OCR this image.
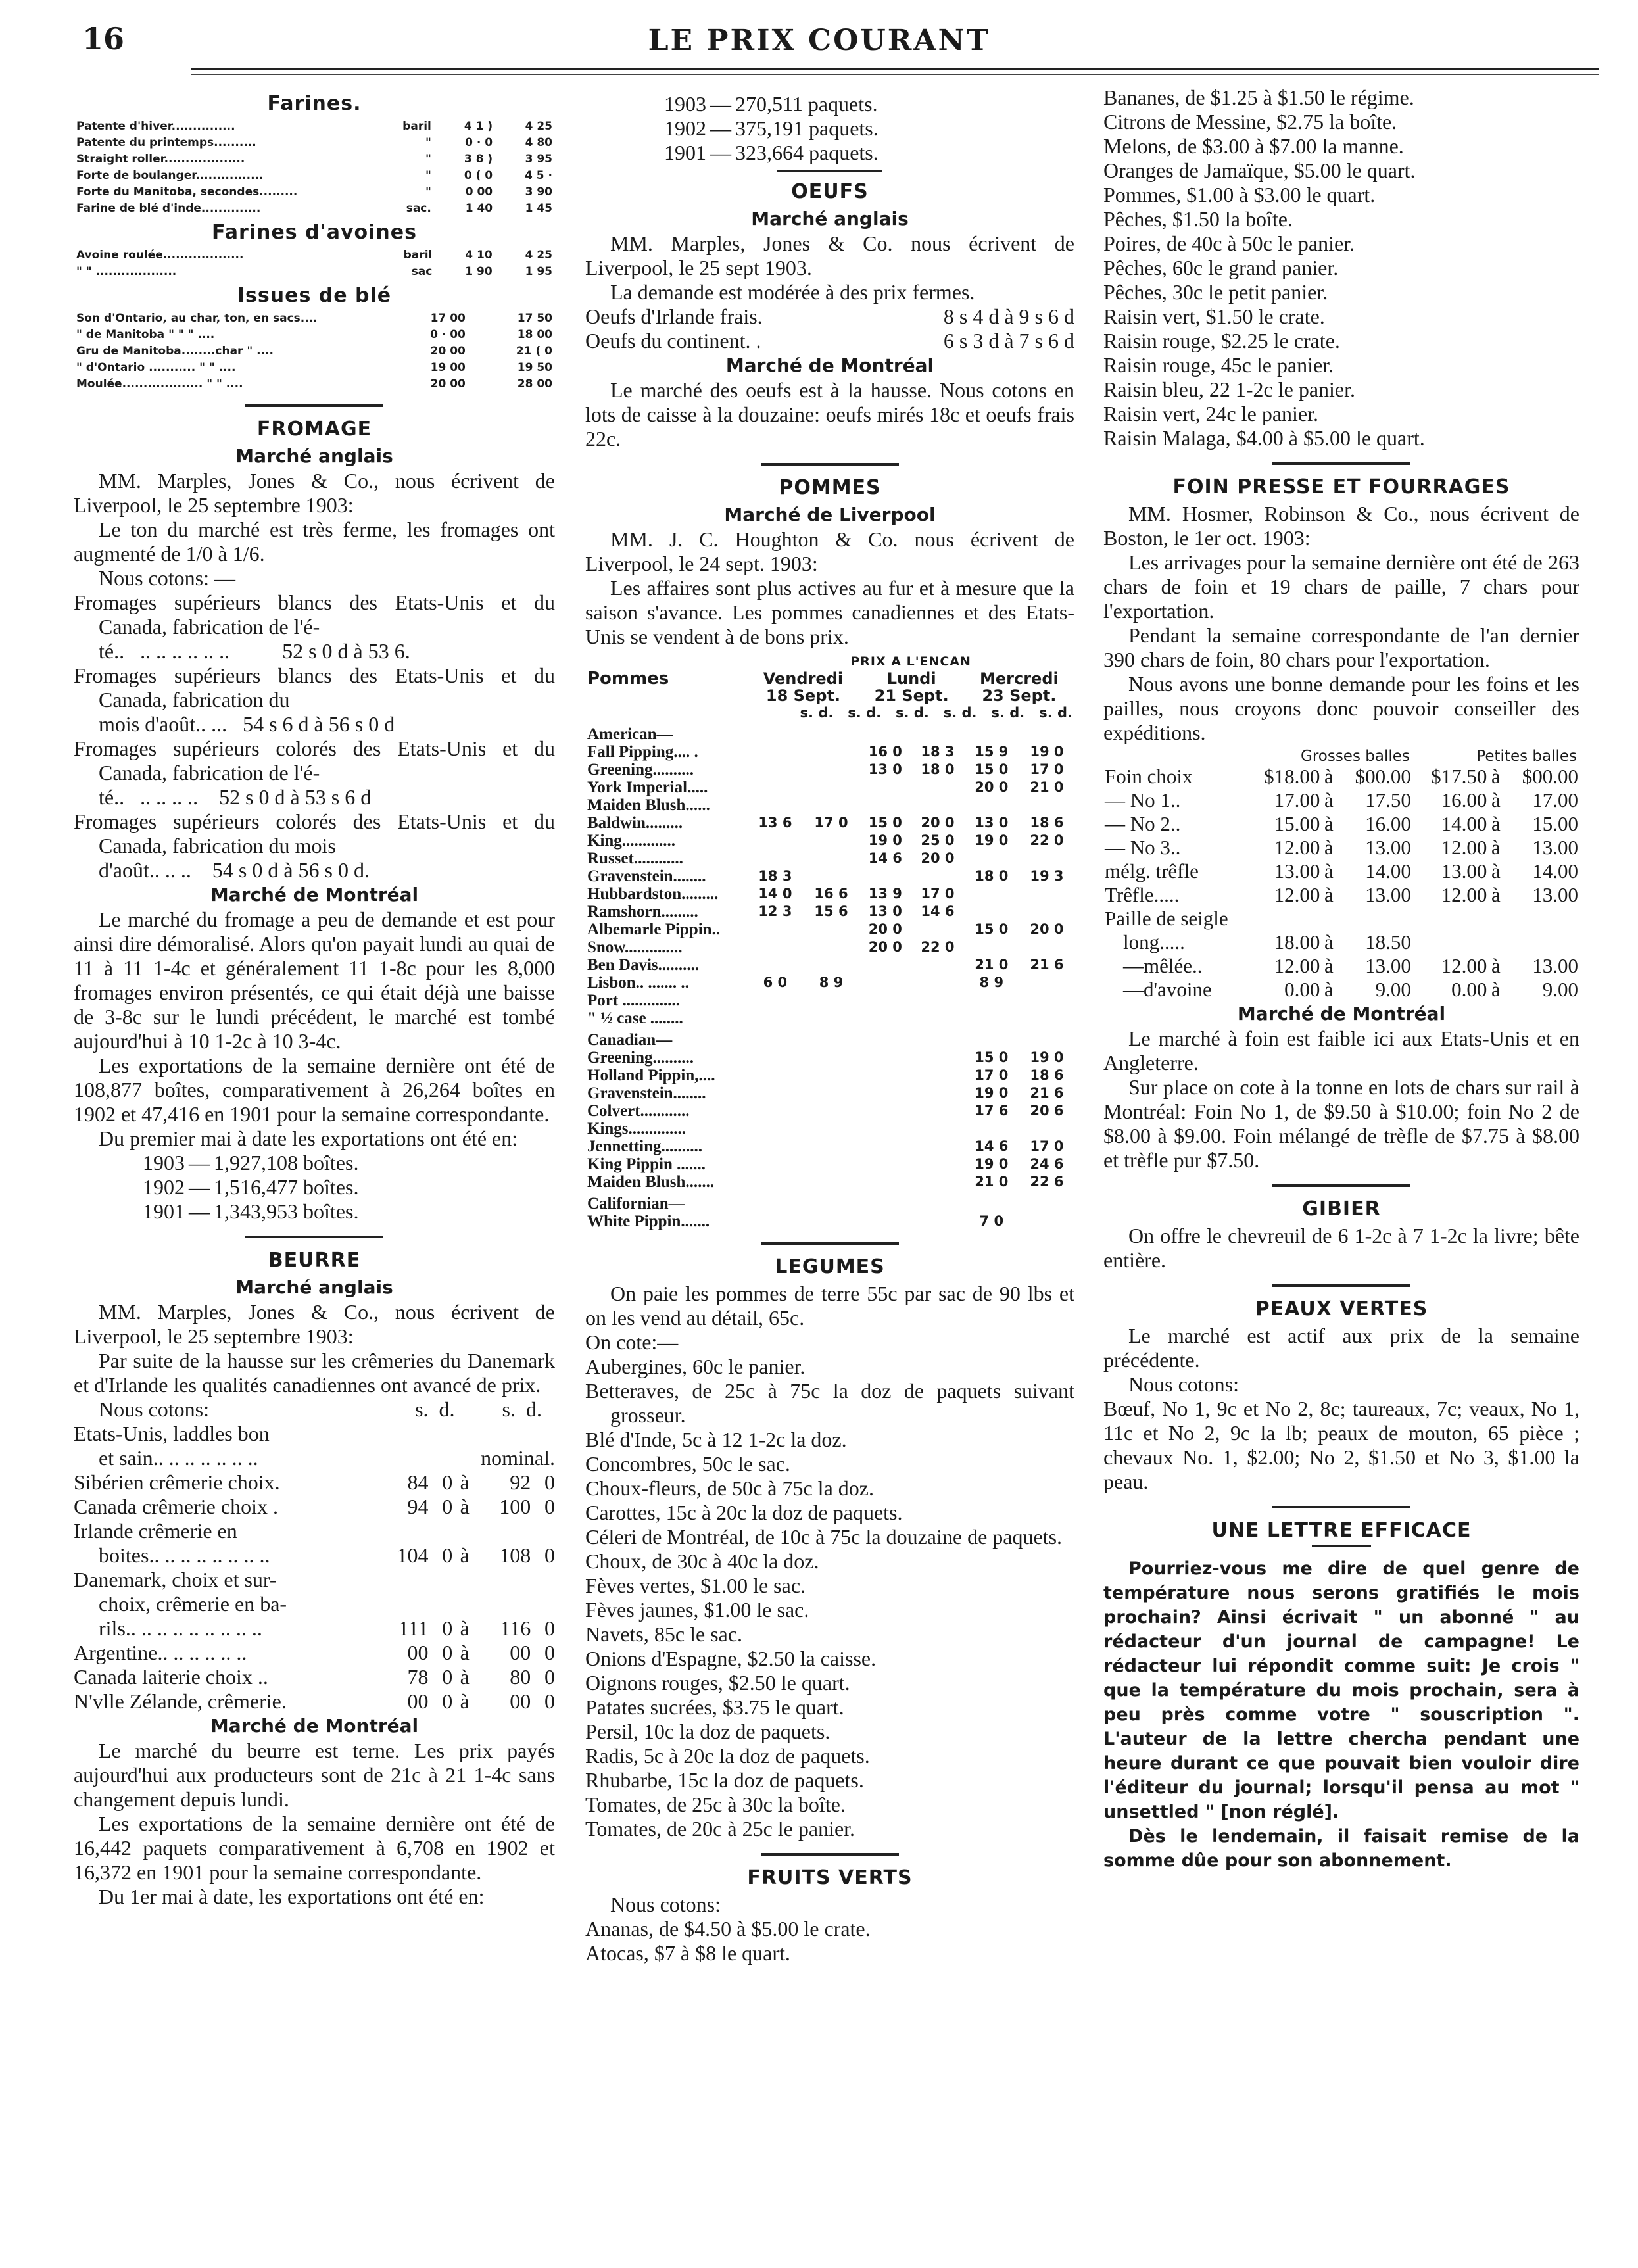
16	LE PRIX COURANT
Farines.
Patente d'hiver...............	baril	4 1 )	4 25
Patente du printemps..........	"	0 · 0	4 80
Straight roller...................	"	3 8 )	3 95
Forte de boulanger................	"	0 ( 0	4 5 ·
Forte du Manitoba, secondes.........	"	0 00	3 90
Farine de blé d'inde..............	sac.	1 40	1 45
Farines d'avoines
Avoine roulée...................	baril	4 10	4 25
" " ...................	sac	1 90	1 95
Issues de blé
Son d'Ontario, au char, ton, en sacs....		17 00	17 50
" de Manitoba " " " ....		0 · 00	18 00
Gru de Manitoba........char " ....		20 00	21 ( 0
" d'Ontario ........... " " ....		19 00	19 50
Moulée................... " " ....		20 00	28 00
FROMAGE
Marché anglais

MM. Marples, Jones & Co., nous écrivent de Liverpool, le 25 septembre 1903:

Le ton du marché est très ferme, les fromages ont augmenté de 1/0 à 1/6.

Nous cotons: —

Fromages supérieurs blancs des Etats-Unis et du Canada, fabrication de l'é-
té..   .. .. .. .. .. ..          52 s 0 d à 53 6.
Fromages supérieurs blancs des Etats-Unis et du Canada, fabrication du
mois d'août.. ...   54 s 6 d à 56 s 0 d
Fromages supérieurs colorés des Etats-Unis et du Canada, fabrication de l'é-
té..   .. .. .. ..    52 s 0 d à 53 s 6 d
Fromages supérieurs colorés des Etats-Unis et du Canada, fabrication du mois
d'août.. .. ..    54 s 0 d à 56 s 0 d.
Marché de Montréal

Le marché du fromage a peu de demande et est pour ainsi dire démoralisé. Alors qu'on payait lundi au quai de 11 à 11 1-4c et généralement 11 1-8c pour les 8,000 fromages environ présentés, ce qui était déjà une baisse de 3-8c sur le lundi précédent, le marché est tombé aujourd'hui à 10 1-2c à 10 3-4c.

Les exportations de la semaine dernière ont été de 108,877 boîtes, comparativement à 26,264 boîtes en 1902 et 47,416 en 1901 pour la semaine correspondante.

Du premier mai à date les exportations ont été en:

1903	—	1,927,108 boîtes.
1902	—	1,516,477 boîtes.
1901	—	1,343,953 boîtes.
BEURRE
Marché anglais

MM. Marples, Jones & Co., nous écrivent de Liverpool, le 25 septembre 1903:

Par suite de la hausse sur les crêmeries du Danemark et d'Irlande les qualités canadiennes ont avancé de prix.

Nous cotons:	s.  d.         s.  d.
Etats-Unis, laddles bon
et sain.. .. .. .. .. .. ..	nominal.
Sibérien crêmerie choix.	84	0	à	92	0
Canada crêmerie choix .	94	0	à	100	0
Irlande crêmerie en					
boites.. .. .. .. .. .. .. ..	104	0	à	108	0
Danemark, choix et sur-					
choix, crêmerie en ba-					
rils.. .. .. .. .. .. .. .. ..	111	0	à	116	0
Argentine.. .. .. .. .. ..	00	0	à	00	0
Canada laiterie choix ..	78	0	à	80	0
N'vlle Zélande, crêmerie.	00	0	à	00	0
Marché de Montréal

Le marché du beurre est terne. Les prix payés aujourd'hui aux producteurs sont de 21c à 21 1-4c sans changement depuis lundi.

Les exportations de la semaine dernière ont été de 16,442 paquets comparativement à 6,708 en 1902 et 16,372 en 1901 pour la semaine correspondante.

Du 1er mai à date, les exportations ont été en:

1903	—	270,511 paquets.
1902	—	375,191 paquets.
1901	—	323,664 paquets.
OEUFS
Marché anglais

MM. Marples, Jones & Co. nous écrivent de Liverpool, le 25 sept 1903.

La demande est modérée à des prix fermes.

Oeufs d'Irlande frais.	8 s 4 d à 9 s 6 d
Oeufs du continent. .	6 s 3 d à 7 s 6 d
Marché de Montréal

Le marché des oeufs est à la hausse. Nous cotons en lots de caisse à la douzaine: oeufs mirés 18c et oeufs frais 22c.

POMMES
Marché de Liverpool

MM. J. C. Houghton & Co. nous écrivent de Liverpool, le 24 sept. 1903:

Les affaires sont plus actives au fur et à mesure que la saison s'avance. Les pommes canadiennes et des Etats-Unis se vendent à de bons prix.

	PRIX A L'ENCAN					
Pommes	Vendredi		Lundi		Mercredi	
	18 Sept.		21 Sept.		23 Sept.	
	s. d.   s. d.   s. d.   s. d.   s. d.   s. d.					
American—						
Fall Pipping.... .			16 0	18 3	15 9	19 0
Greening..........			13 0	18 0	15 0	17 0
York Imperial.....					20 0	21 0
Maiden Blush......						
Baldwin.........	13 6	17 0	15 0	20 0	13 0	18 6
King.............			19 0	25 0	19 0	22 0
Russet............			14 6	20 0		
Gravenstein........	18 3				18 0	19 3
Hubbardston.........	14 0	16 6	13 9	17 0		
Ramshorn.........	12 3	15 6	13 0	14 6		
Albemarle Pippin..			20 0		15 0	20 0
Snow..............			20 0	22 0		
Ben Davis..........					21 0	21 6
Lisbon.. ....... ..	6 0	8 9			8 9	
Port ..............						
" ½ case ........						
Canadian—						
Greening..........					15 0	19 0
Holland Pippin,....					17 0	18 6
Gravenstein........					19 0	21 6
Colvert............					17 6	20 6
Kings..............						
Jennetting..........					14 6	17 0
King Pippin .......					19 0	24 6
Maiden Blush.......					21 0	22 6
Californian—						
White Pippin.......					7 0	
LEGUMES

On paie les pommes de terre 55c par sac de 90 lbs et on les vend au détail, 65c.

On cote:—

Aubergines, 60c le panier.

Betteraves, de 25c à 75c la doz de paquets suivant grosseur.

Blé d'Inde, 5c à 12 1-2c la doz.

Concombres, 50c le sac.

Choux-fleurs, de 50c à 75c la doz.

Carottes, 15c à 20c la doz de paquets.

Céleri de Montréal, de 10c à 75c la douzaine de paquets.

Choux, de 30c à 40c la doz.

Fèves vertes, $1.00 le sac.

Fèves jaunes, $1.00 le sac.

Navets, 85c le sac.

Onions d'Espagne, $2.50 la caisse.

Oignons rouges, $2.50 le quart.

Patates sucrées, $3.75 le quart.

Persil, 10c la doz de paquets.

Radis, 5c à 20c la doz de paquets.

Rhubarbe, 15c la doz de paquets.

Tomates, de 25c à 30c la boîte.

Tomates, de 20c à 25c le panier.

FRUITS VERTS
Nous cotons:

Ananas, de $4.50 à $5.00 le crate.

Atocas, $7 à $8 le quart.

Bananes, de $1.25 à $1.50 le régime.

Citrons de Messine, $2.75 la boîte.

Melons, de $3.00 à $7.00 la manne.

Oranges de Jamaïque, $5.00 le quart.

Pommes, $1.00 à $3.00 le quart.

Pêches, $1.50 la boîte.

Poires, de 40c à 50c le panier.

Pêches, 60c le grand panier.

Pêches, 30c le petit panier.

Raisin vert, $1.50 le crate.

Raisin rouge, $2.25 le crate.

Raisin rouge, 45c le panier.

Raisin bleu, 22 1-2c le panier.

Raisin vert, 24c le panier.

Raisin Malaga, $4.00 à $5.00 le quart.

FOIN PRESSE ET FOURRAGES

MM. Hosmer, Robinson & Co., nous écrivent de Boston, le 1er oct. 1903:

Les arrivages pour la semaine dernière ont été de 263 chars de foin et 19 chars de paille, 7 chars pour l'exportation.

Pendant la semaine correspondante de l'an dernier 390 chars de foin, 80 chars pour l'exportation.

Nous avons une bonne demande pour les foins et les pailles, nous croyons donc pouvoir conseiller des expéditions.

	Grosses balles			Petites balles		
Foin choix	$18.00	à	$00.00	$17.50	à	$00.00
— No 1..	17.00	à	17.50	16.00	à	17.00
— No 2..	15.00	à	16.00	14.00	à	15.00
— No 3..	12.00	à	13.00	12.00	à	13.00
mélg. trêfle	13.00	à	14.00	13.00	à	14.00
Trêfle.....	12.00	à	13.00	12.00	à	13.00
Paille de seigle						
long.....	18.00	à	18.50			
—mêlée..	12.00	à	13.00	12.00	à	13.00
—d'avoine	0.00	à	9.00	0.00	à	9.00
Marché de Montréal

Le marché à foin est faible ici aux Etats-Unis et en Angleterre.

Sur place on cote à la tonne en lots de chars sur rail à Montréal: Foin No 1, de $9.50 à $10.00; foin No 2 de $8.00 à $9.00. Foin mélangé de trèfle de $7.75 à $8.00 et trèfle pur $7.50.

GIBIER

On offre le chevreuil de 6 1-2c à 7 1-2c la livre; bête entière.

PEAUX VERTES

Le marché est actif aux prix de la semaine précédente.

Nous cotons:

Bœuf, No 1, 9c et No 2, 8c; taureaux, 7c; veaux, No 1, 11c et No 2, 9c la lb; peaux de mouton, 65 pièce ; chevaux No. 1, $2.00; No 2, $1.50 et No 3, $1.00 la peau.

UNE LETTRE EFFICACE

Pourriez-vous me dire de quel genre de température nous serons gratifiés le mois prochain? Ainsi écrivait " un abonné " au rédacteur d'un journal de campagne! Le rédacteur lui répondit comme suit: Je crois " que la température du mois prochain, sera à peu près comme votre " souscription ". L'auteur de la lettre chercha pendant une heure durant ce que pouvait bien vouloir dire l'éditeur du journal; lorsqu'il pensa au mot " unsettled " [non réglé].

Dès le lendemain, il faisait remise de la somme dûe pour son abonnement.
